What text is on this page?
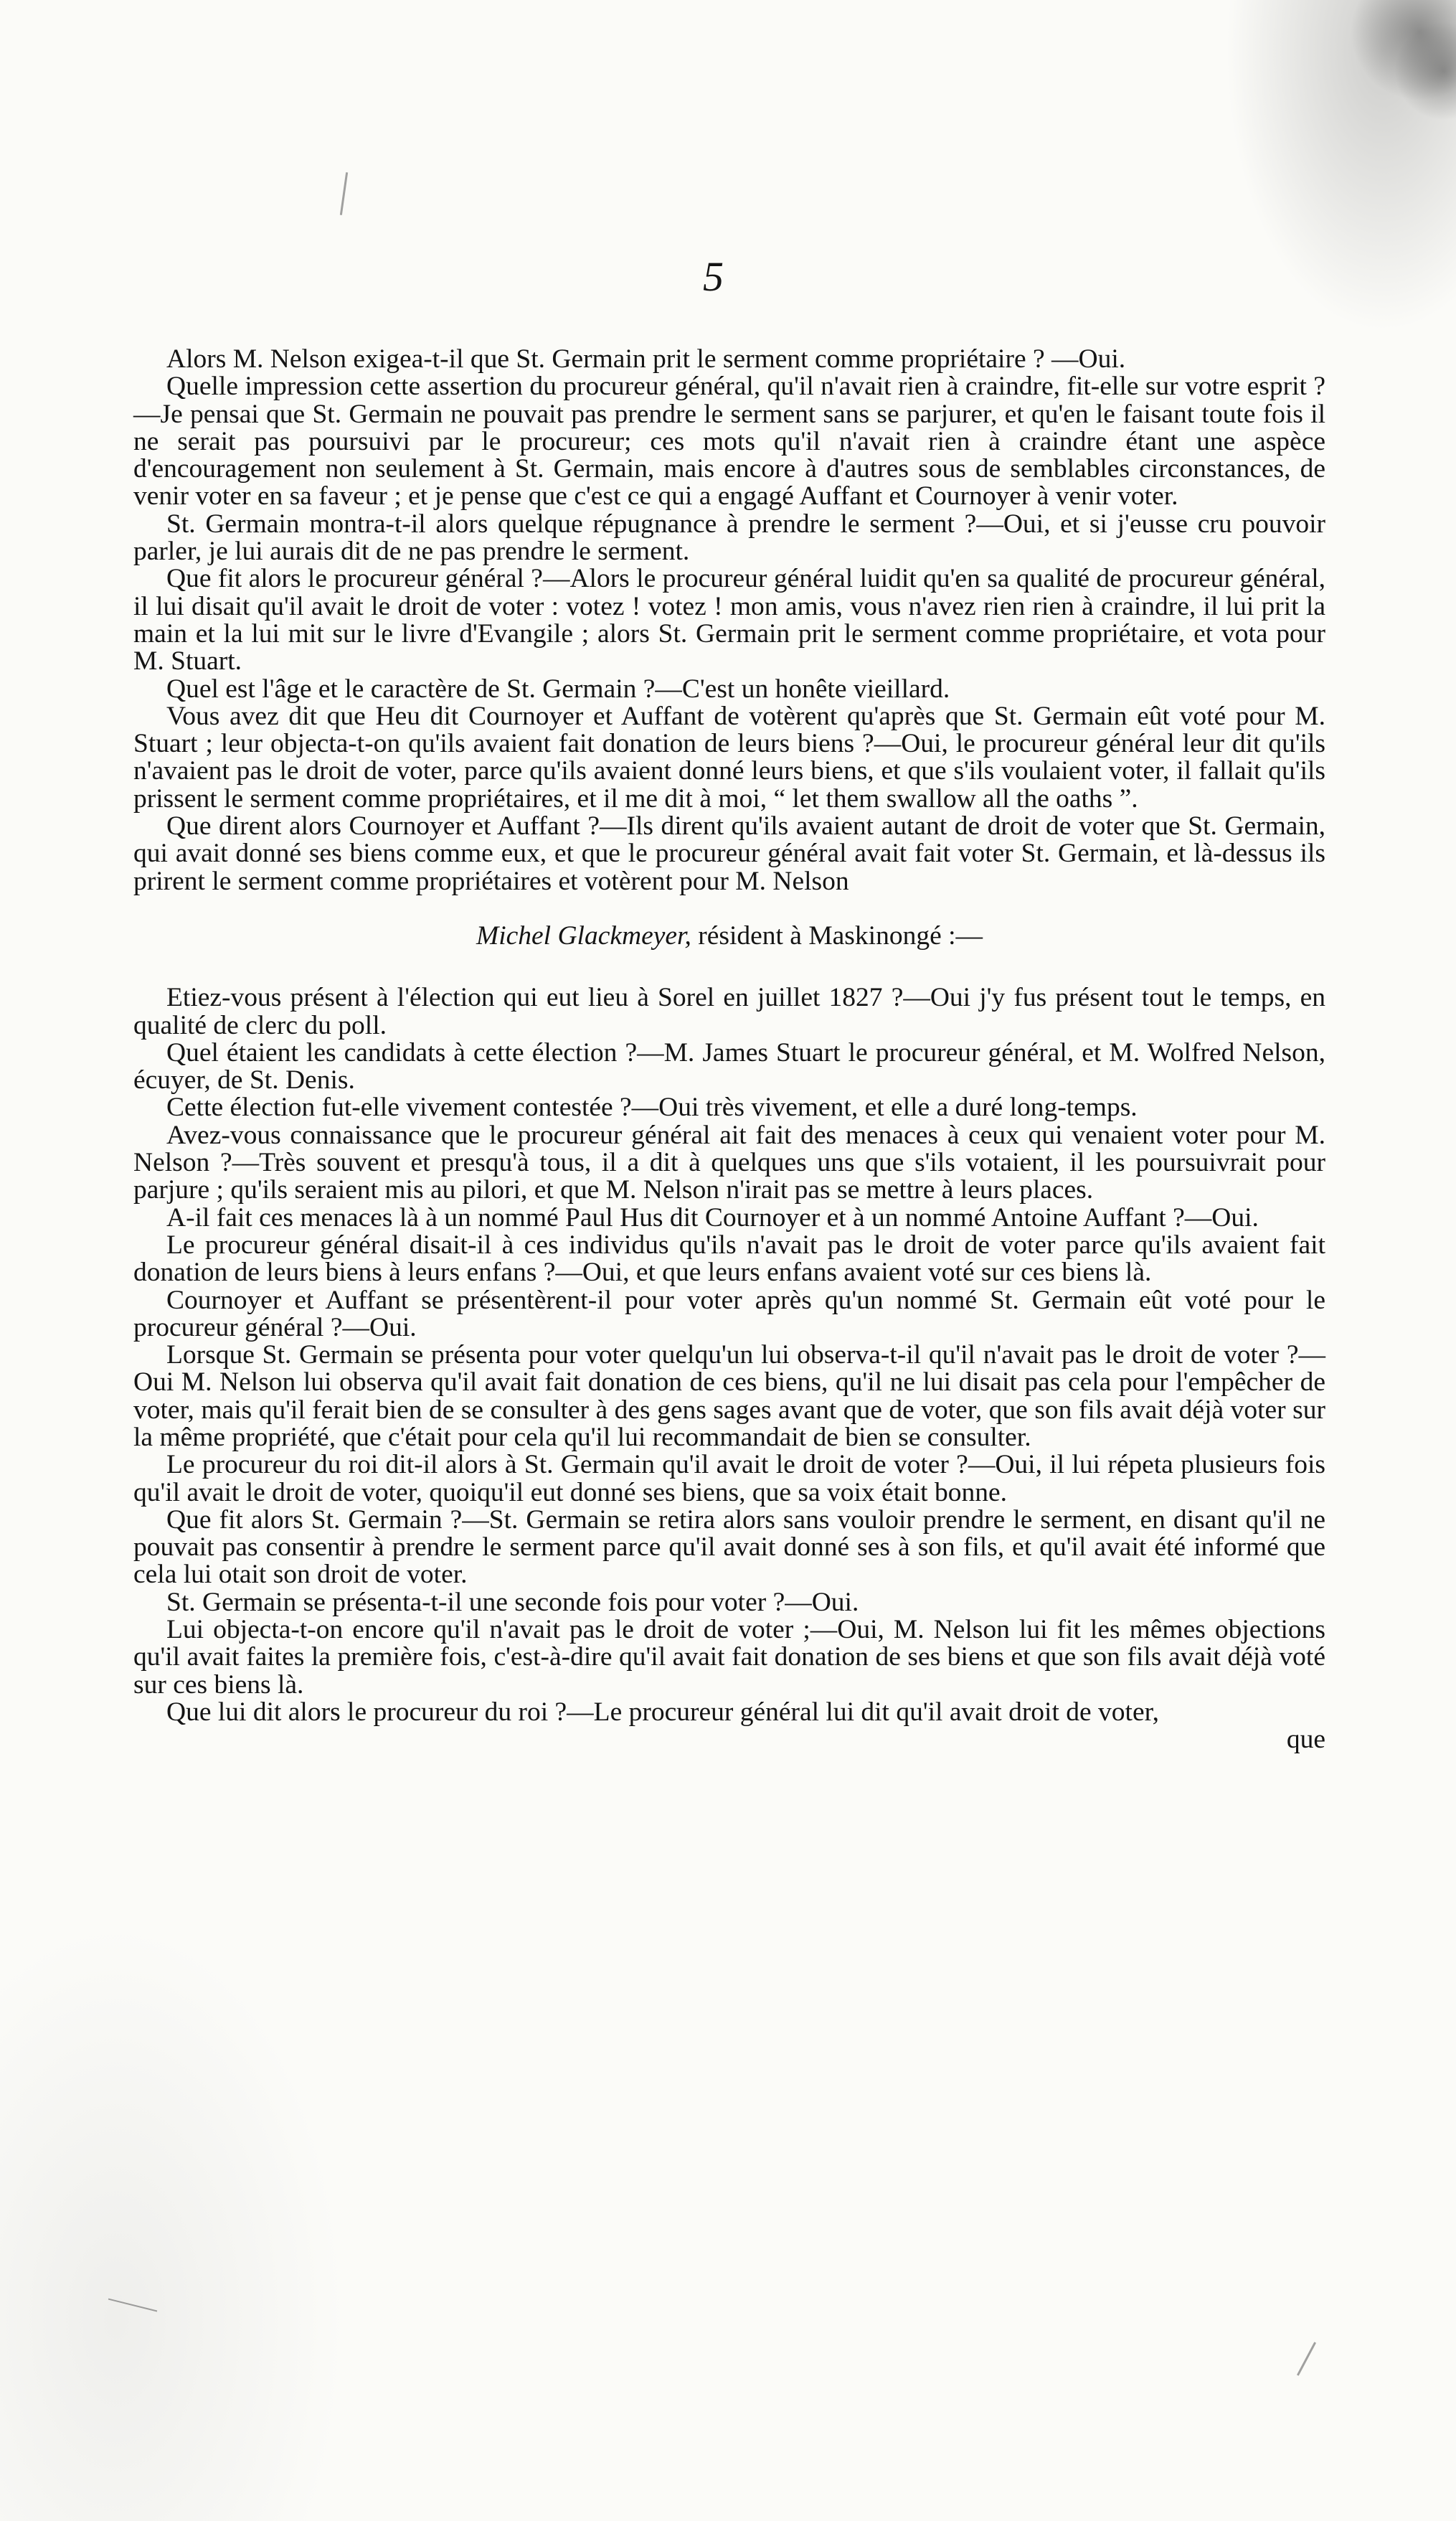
5

Alors M. Nelson exigea-t-il que St. Germain prit le serment comme propriétaire ? —Oui.

Quelle impression cette assertion du procureur général, qu'il n'avait rien à craindre, fit-elle sur votre esprit ?—Je pensai que St. Germain ne pouvait pas prendre le serment sans se parjurer, et qu'en le faisant toute fois il ne serait pas poursuivi par le procureur; ces mots qu'il n'avait rien à craindre étant une aspèce d'encouragement non seulement à St. Germain, mais encore à d'autres sous de semblables circonstances, de venir voter en sa faveur ; et je pense que c'est ce qui a engagé Auffant et Cournoyer à venir voter.

St. Germain montra-t-il alors quelque répugnance à prendre le serment ?—Oui, et si j'eusse cru pouvoir parler, je lui aurais dit de ne pas prendre le serment.

Que fit alors le procureur général ?—Alors le procureur général luidit qu'en sa qualité de procureur général, il lui disait qu'il avait le droit de voter : votez ! votez ! mon amis, vous n'avez rien rien à craindre, il lui prit la main et la lui mit sur le livre d'Evangile ; alors St. Germain prit le serment comme propriétaire, et vota pour M. Stuart.

Quel est l'âge et le caractère de St. Germain ?—C'est un honête vieillard.

Vous avez dit que Heu dit Cournoyer et Auffant de votèrent qu'après que St. Germain eût voté pour M. Stuart ; leur objecta-t-on qu'ils avaient fait donation de leurs biens ?—Oui, le procureur général leur dit qu'ils n'avaient pas le droit de voter, parce qu'ils avaient donné leurs biens, et que s'ils voulaient voter, il fallait qu'ils prissent le serment comme propriétaires, et il me dit à moi, “ let them swallow all the oaths ”.

Que dirent alors Cournoyer et Auffant ?—Ils dirent qu'ils avaient autant de droit de voter que St. Germain, qui avait donné ses biens comme eux, et que le procureur général avait fait voter St. Germain, et là-dessus ils prirent le serment comme propriétaires et votèrent pour M. Nelson

Michel Glackmeyer, résident à Maskinongé :—

Etiez-vous présent à l'élection qui eut lieu à Sorel en juillet 1827 ?—Oui j'y fus présent tout le temps, en qualité de clerc du poll.

Quel étaient les candidats à cette élection ?—M. James Stuart le procureur général, et M. Wolfred Nelson, écuyer, de St. Denis.

Cette élection fut-elle vivement contestée ?—Oui très vivement, et elle a duré long-temps.

Avez-vous connaissance que le procureur général ait fait des menaces à ceux qui venaient voter pour M. Nelson ?—Très souvent et presqu'à tous, il a dit à quelques uns que s'ils votaient, il les poursuivrait pour parjure ; qu'ils seraient mis au pilori, et que M. Nelson n'irait pas se mettre à leurs places.

A-il fait ces menaces là à un nommé Paul Hus dit Cournoyer et à un nommé Antoine Auffant ?—Oui.

Le procureur général disait-il à ces individus qu'ils n'avait pas le droit de voter parce qu'ils avaient fait donation de leurs biens à leurs enfans ?—Oui, et que leurs enfans avaient voté sur ces biens là.

Cournoyer et Auffant se présentèrent-il pour voter après qu'un nommé St. Germain eût voté pour le procureur général ?—Oui.

Lorsque St. Germain se présenta pour voter quelqu'un lui observa-t-il qu'il n'avait pas le droit de voter ?—Oui M. Nelson lui observa qu'il avait fait donation de ces biens, qu'il ne lui disait pas cela pour l'empêcher de voter, mais qu'il ferait bien de se consulter à des gens sages avant que de voter, que son fils avait déjà voter sur la même propriété, que c'était pour cela qu'il lui recommandait de bien se consulter.

Le procureur du roi dit-il alors à St. Germain qu'il avait le droit de voter ?—Oui, il lui répeta plusieurs fois qu'il avait le droit de voter, quoiqu'il eut donné ses biens, que sa voix était bonne.

Que fit alors St. Germain ?—St. Germain se retira alors sans vouloir prendre le serment, en disant qu'il ne pouvait pas consentir à prendre le serment parce qu'il avait donné ses à son fils, et qu'il avait été informé que cela lui otait son droit de voter.

St. Germain se présenta-t-il une seconde fois pour voter ?—Oui.

Lui objecta-t-on encore qu'il n'avait pas le droit de voter ;—Oui, M. Nelson lui fit les mêmes objections qu'il avait faites la première fois, c'est-à-dire qu'il avait fait donation de ses biens et que son fils avait déjà voté sur ces biens là.

Que lui dit alors le procureur du roi ?—Le procureur général lui dit qu'il avait droit de voter,

que
